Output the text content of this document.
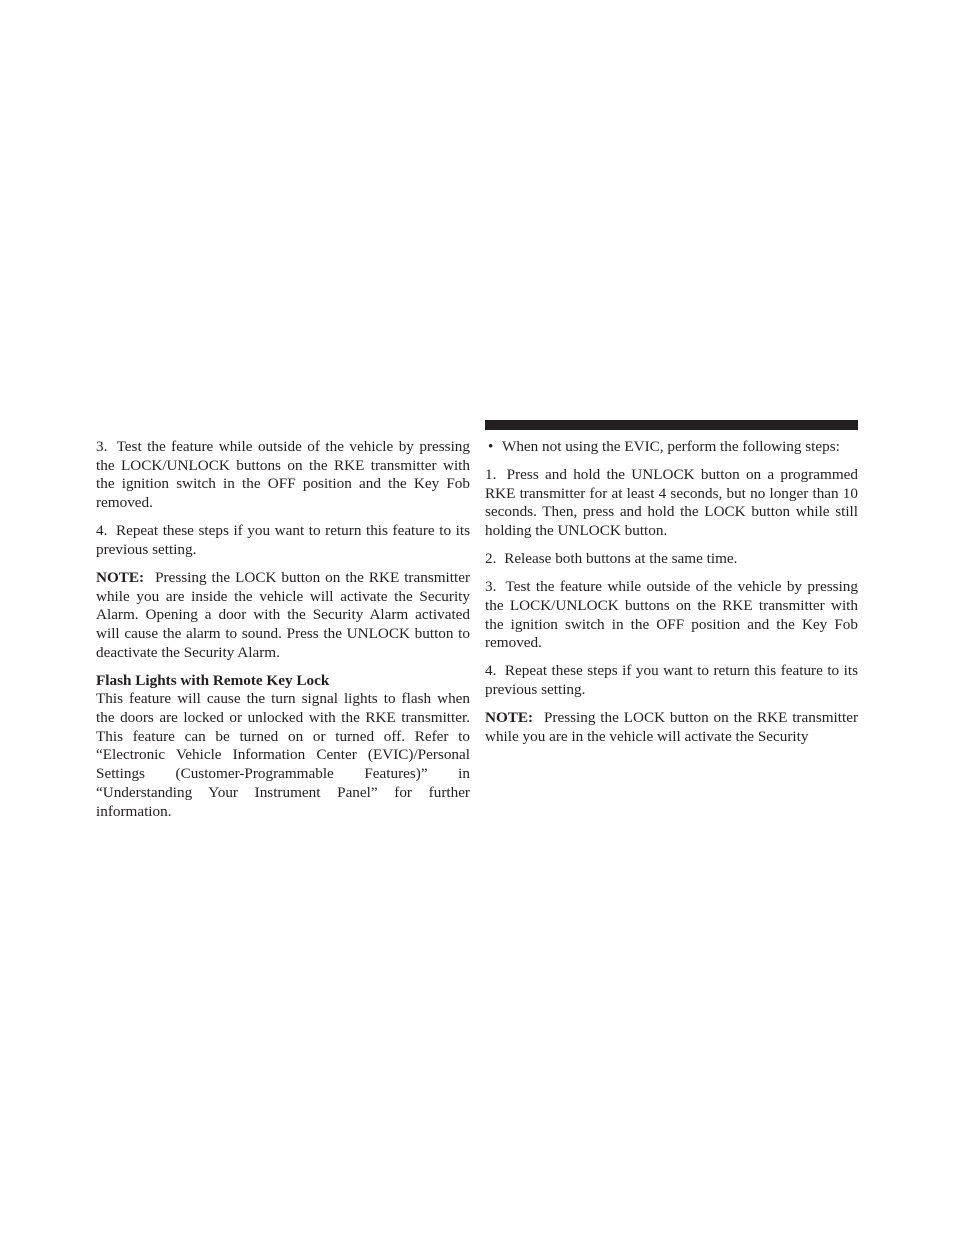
3. Test the feature while outside of the vehicle by pressing the LOCK/UNLOCK buttons on the RKE transmitter with the ignition switch in the OFF position and the Key Fob removed.

4. Repeat these steps if you want to return this feature to its previous setting.

NOTE: Pressing the LOCK button on the RKE transmitter while you are inside the vehicle will activate the Security Alarm. Opening a door with the Security Alarm activated will cause the alarm to sound. Press the UNLOCK button to deactivate the Security Alarm.

Flash Lights with Remote Key Lock

This feature will cause the turn signal lights to flash when the doors are locked or unlocked with the RKE transmitter. This feature can be turned on or turned off. Refer to “Electronic Vehicle Information Center (EVIC)/Personal Settings (Customer-Programmable Features)” in “Understanding Your Instrument Panel” for further information.

• When not using the EVIC, perform the following steps:

1. Press and hold the UNLOCK button on a programmed RKE transmitter for at least 4 seconds, but no longer than 10 seconds. Then, press and hold the LOCK button while still holding the UNLOCK button.

2. Release both buttons at the same time.

3. Test the feature while outside of the vehicle by pressing the LOCK/UNLOCK buttons on the RKE transmitter with the ignition switch in the OFF position and the Key Fob removed.

4. Repeat these steps if you want to return this feature to its previous setting.

NOTE: Pressing the LOCK button on the RKE transmitter while you are in the vehicle will activate the Security
